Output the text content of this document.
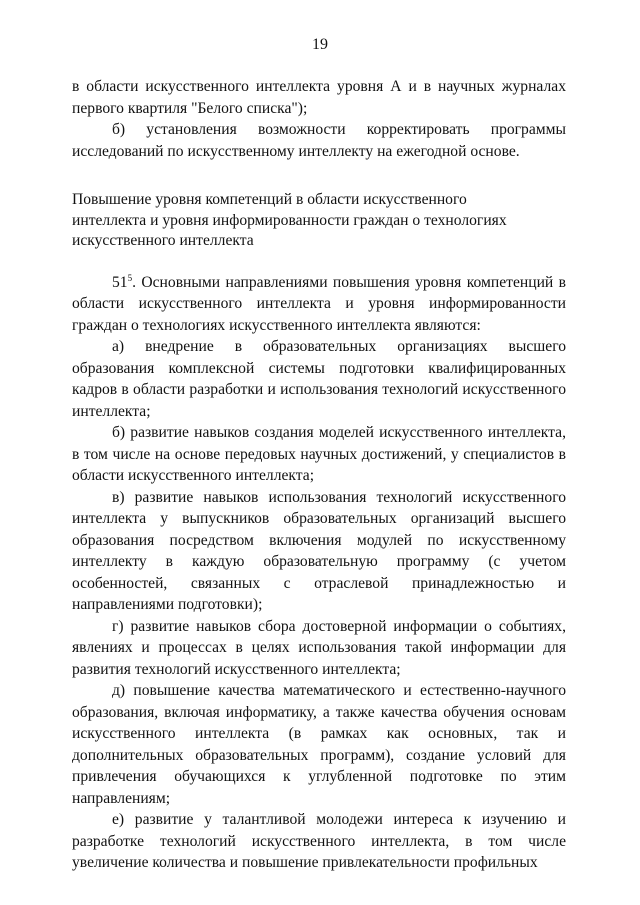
19

в области искусственного интеллекта уровня А и в научных журналах первого квартиля "Белого списка");

б) установления возможности корректировать программы исследований по искусственному интеллекту на ежегодной основе.

Повышение уровня компетенций в области искусственного
интеллекта и уровня информированности граждан о технологиях
искусственного интеллекта

$51^5$. Основными направлениями повышения уровня компетенций в области искусственного интеллекта и уровня информированности граждан о технологиях искусственного интеллекта являются:

а) внедрение в образовательных организациях высшего образования комплексной системы подготовки квалифицированных кадров в области разработки и использования технологий искусственного интеллекта;

б) развитие навыков создания моделей искусственного интеллекта, в том числе на основе передовых научных достижений, у специалистов в области искусственного интеллекта;

в) развитие навыков использования технологий искусственного интеллекта у выпускников образовательных организаций высшего образования посредством включения модулей по искусственному интеллекту в каждую образовательную программу (с учетом особенностей, связанных с отраслевой принадлежностью и направлениями подготовки);

г) развитие навыков сбора достоверной информации о событиях, явлениях и процессах в целях использования такой информации для развития технологий искусственного интеллекта;

д) повышение качества математического и естественно-научного образования, включая информатику, а также качества обучения основам искусственного интеллекта (в рамках как основных, так и дополнительных образовательных программ), создание условий для привлечения обучающихся к углубленной подготовке по этим направлениям;

е) развитие у талантливой молодежи интереса к изучению и разработке технологий искусственного интеллекта, в том числе увеличение количества и повышение привлекательности профильных
